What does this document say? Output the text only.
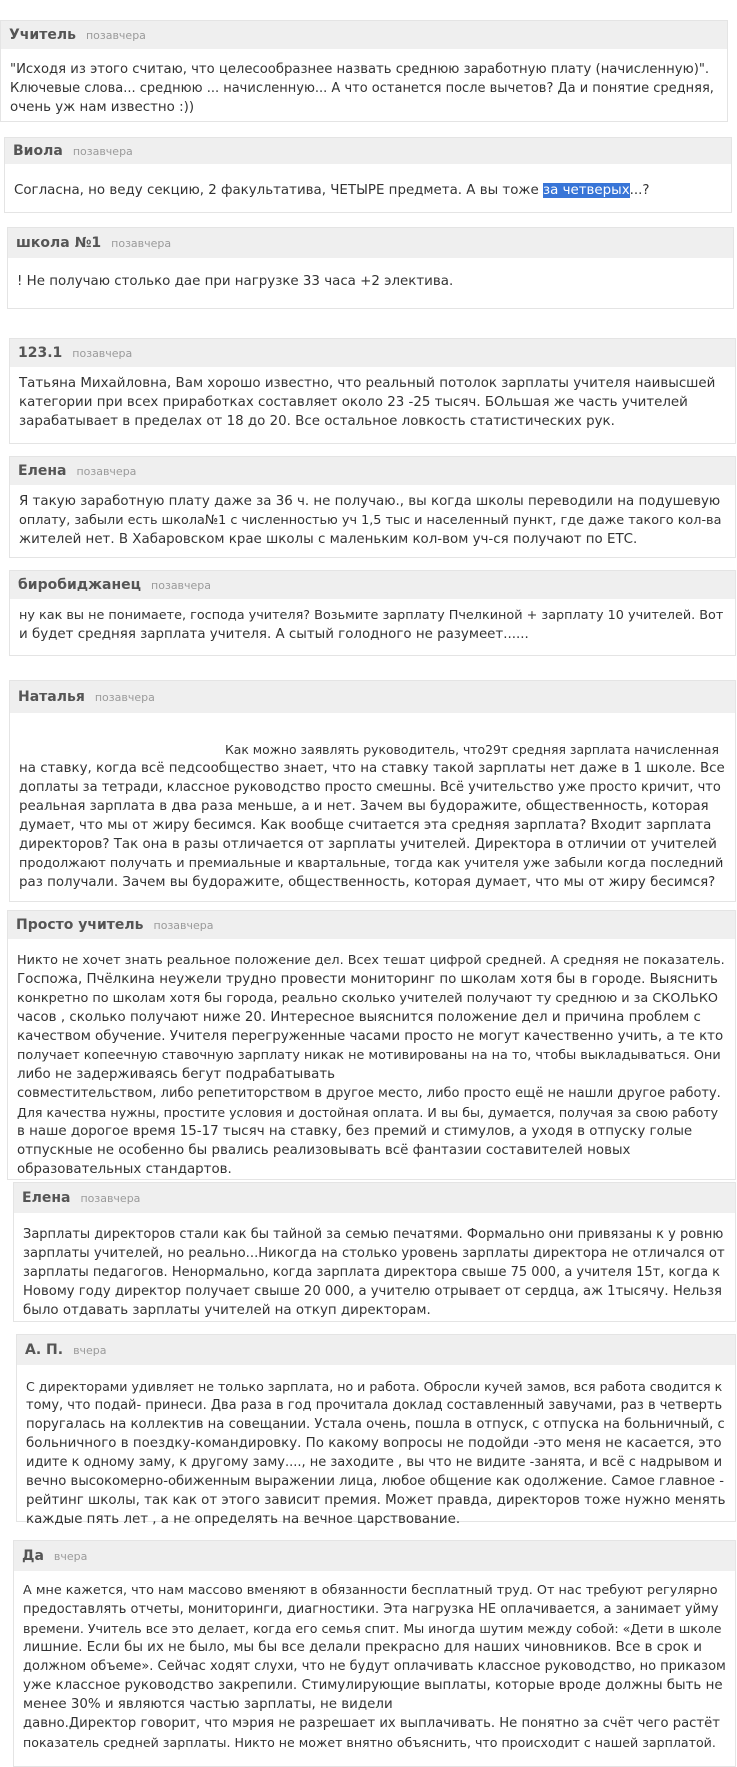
Учитель позавчера

"Исходя из этого считаю, что целесообразнее назвать среднюю заработную плату (начисленную)".

Ключевые слова... среднюю ... начисленную... А что останется после вычетов? Да и понятие средняя,

очень уж нам известно :))

Виола позавчера

Согласна, но веду секцию, 2 факультатива, ЧЕТЫРЕ предмета. А вы тоже за четверых...?

школа №1 позавчера

! Не получаю столько дае при нагрузке 33 часа +2 электива.

123.1 позавчера

Татьяна Михайловна, Вам хорошо известно, что реальный потолок зарплаты учителя наивысшей

категории при всех приработках составляет около 23 -25 тысяч. БОльшая же часть учителей

зарабатывает в пределах от 18 до 20. Все остальное ловкость статистических рук.

Елена позавчера

Я такую заработную плату даже за 36 ч. не получаю., вы когда школы переводили на подушевую

оплату, забыли есть школа№1 с численностью уч 1,5 тыс и населенный пункт, где даже такого кол-ва

жителей нет. В Хабаровском крае школы с маленьким кол-вом уч-ся получают по ЕТС.

биробиджанец позавчера

ну как вы не понимаете, господа учителя? Возьмите зарплату Пчелкиной + зарплату 10 учителей. Вот

и будет средняя зарплата учителя. А сытый голодного не разумеет......

Наталья позавчера

Как можно заявлять руководитель, что29т средняя зарплата начисленная

на ставку, когда всё педсообщество знает, что на ставку такой зарплаты нет даже в 1 школе. Все

доплаты за тетради, классное руководство просто смешны. Всё учительство уже просто кричит, что

реальная зарплата в два раза меньше, а и нет. Зачем вы будоражите, общественность, которая

думает, что мы от жиру бесимся. Как вообще считается эта средняя зарплата? Входит зарплата

директоров? Так она в разы отличается от зарплаты учителей. Директора в отличии от учителей

продолжают получать и премиальные и квартальные, тогда как учителя уже забыли когда последний

раз получали. Зачем вы будоражите, общественность, которая думает, что мы от жиру бесимся?

Просто учитель позавчера

Никто не хочет знать реальное положение дел. Всех тешат цифрой средней. А средняя не показатель.

Госпожа, Пчёлкина неужели трудно провести мониторинг по школам хотя бы в городе. Выяснить

конкретно по школам хотя бы города, реально сколько учителей получают ту среднюю и за СКОЛЬКО

часов , сколько получают ниже 20. Интересное выяснится положение дел и причина проблем с

качеством обучение. Учителя перегруженные часами просто не могут качественно учить, а те кто

получает копеечную ставочную зарплату никак не мотивированы на на то, чтобы выкладываться. Они

либо не задерживаясь бегут подрабатывать

совместительством, либо репетиторством в другое место, либо просто ещё не нашли другое работу.

Для качества нужны, простите условия и достойная оплата. И вы бы, думается, получая за свою работу

в наше дорогое время 15-17 тысяч на ставку, без премий и стимулов, а уходя в отпуску голые

отпускные не особенно бы рвались реализовывать всё фантазии составителей новых

образовательных стандартов.

Елена позавчера

Зарплаты директоров стали как бы тайной за семью печатями. Формально они привязаны к у ровню

зарплаты учителей, но реально...Никогда на столько уровень зарплаты директора не отличался от

зарплаты педагогов. Ненормально, когда зарплата директора свыше 75 000, а учителя 15т, когда к

Новому году директор получает свыше 20 000, а учителю отрывает от сердца, аж 1тысячу. Нельзя

было отдавать зарплаты учителей на откуп директорам.

А. П. вчера

С директорами удивляет не только зарплата, но и работа. Обросли кучей замов, вся работа сводится к

тому, что подай- принеси. Два раза в год прочитала доклад составленный завучами, раз в четверть

поругалась на коллектив на совещании. Устала очень, пошла в отпуск, с отпуска на больничный, с

больничного в поездку-командировку. По какому вопросы не подойди -это меня не касается, это

идите к одному заму, к другому заму...., не заходите , вы что не видите -занята, и всё с надрывом и

вечно высокомерно-обиженным выражении лица, любое общение как одолжение. Самое главное -

рейтинг школы, так как от этого зависит премия. Может правда, директоров тоже нужно менять

каждые пять лет , а не определять на вечное царствование.

Да вчера

А мне кажется, что нам массово вменяют в обязанности бесплатный труд. От нас требуют регулярно

предоставлять отчеты, мониторинги, диагностики. Эта нагрузка НЕ оплачивается, а занимает уйму

времени. Учитель все это делает, когда его семья спит. Мы иногда шутим между собой: «Дети в школе

лишние. Если бы их не было, мы бы все делали прекрасно для наших чиновников. Все в срок и

должном объеме». Сейчас ходят слухи, что не будут оплачивать классное руководство, но приказом

уже классное руководство закрепили. Стимулирующие выплаты, которые вроде должны быть не

менее 30% и являются частью зарплаты, не видели

давно.Директор говорит, что мэрия не разрешает их выплачивать. Не понятно за счёт чего растёт

показатель средней зарплаты. Никто не может внятно объяснить, что происходит с нашей зарплатой.
